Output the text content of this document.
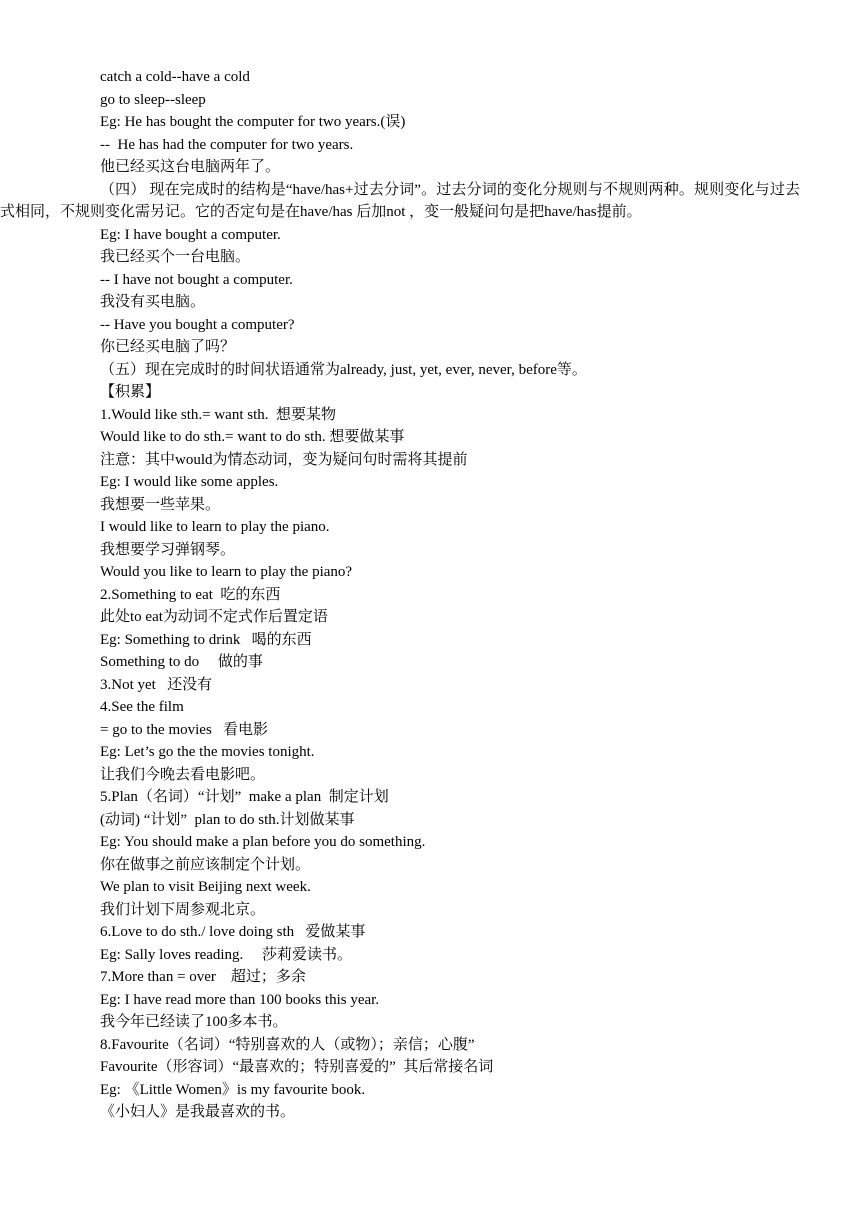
catch a cold--have a cold
go to sleep--sleep
Eg: He has bought the computer for two years.(误)
--  He has had the computer for two years.
他已经买这台电脑两年了。
（四） 现在完成时的结构是“have/has+过去分词”。过去分词的变化分规则与不规则两种。规则变化与过去式相同，不规则变化需另记。它的否定句是在have/has 后加not ，变一般疑问句是把have/has提前。
Eg: I have bought a computer.
我已经买个一台电脑。
-- I have not bought a computer.
我没有买电脑。
-- Have you bought a computer?
你已经买电脑了吗？
（五）现在完成时的时间状语通常为already, just, yet, ever, never, before等。
【积累】
1.Would like sth.= want sth.  想要某物
Would like to do sth.= want to do sth. 想要做某事
注意：其中would为情态动词，变为疑问句时需将其提前
Eg: I would like some apples.
我想要一些苹果。
I would like to learn to play the piano.
我想要学习弹钢琴。
Would you like to learn to play the piano?
2.Something to eat  吃的东西
此处to eat为动词不定式作后置定语
Eg: Something to drink   喝的东西
Something to do     做的事
3.Not yet   还没有
4.See the film
= go to the movies   看电影
Eg: Let’s go the the movies tonight.
让我们今晚去看电影吧。
5.Plan（名词）“计划”  make a plan  制定计划
(动词) “计划”  plan to do sth.计划做某事
Eg: You should make a plan before you do something.
你在做事之前应该制定个计划。
We plan to visit Beijing next week.
我们计划下周参观北京。
6.Love to do sth./ love doing sth   爱做某事
Eg: Sally loves reading.     莎莉爱读书。
7.More than = over    超过；多余
Eg: I have read more than 100 books this year.
我今年已经读了100多本书。
8.Favourite（名词）“特别喜欢的人（或物）；亲信；心腹”
Favourite（形容词）“最喜欢的；特别喜爱的”  其后常接名词
Eg: 《Little Women》is my favourite book.
《小妇人》是我最喜欢的书。
